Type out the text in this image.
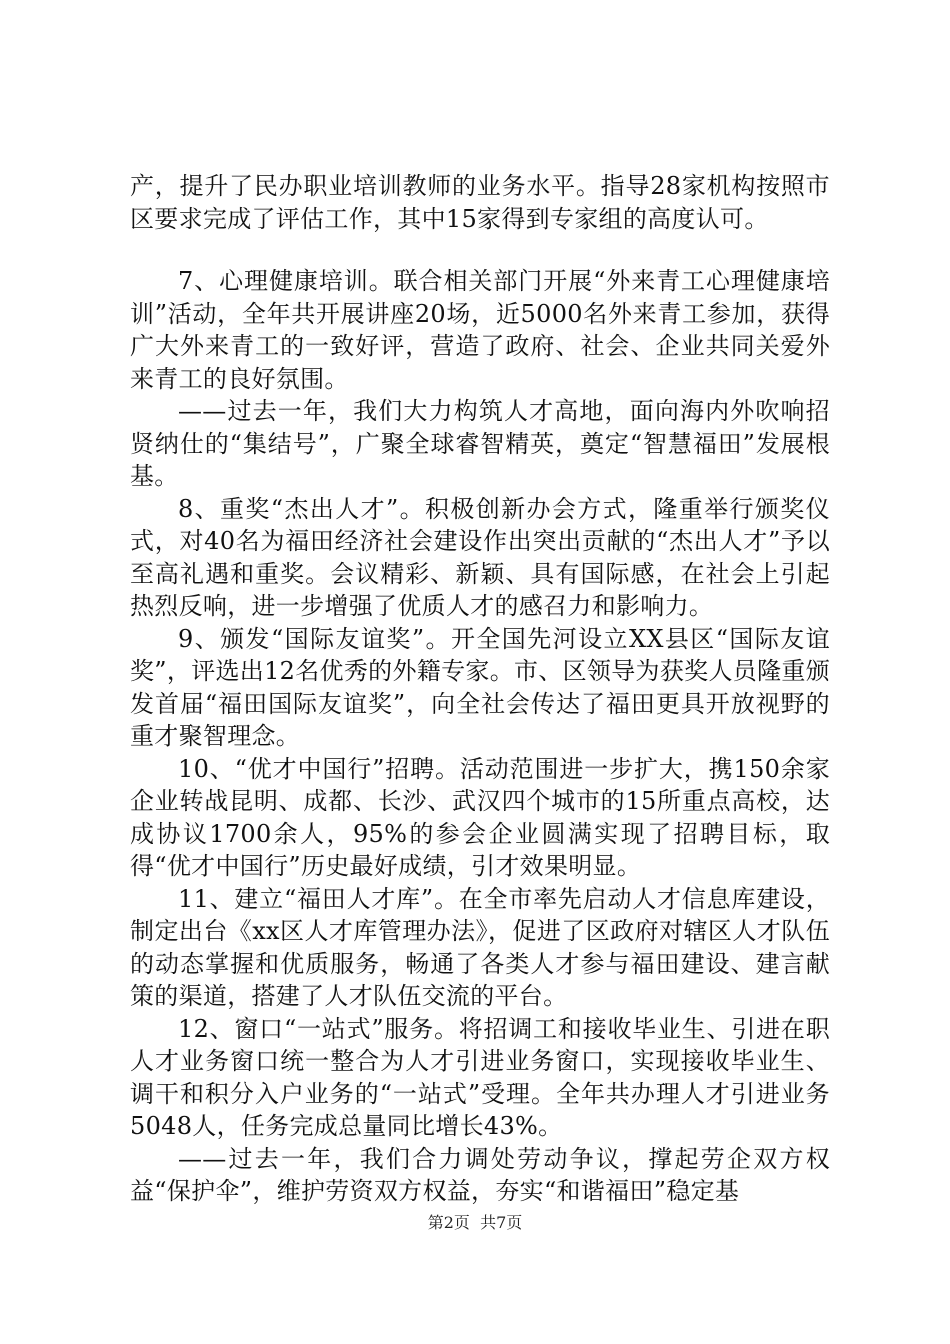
产，提升了民办职业培训教师的业务水平。指导28家机构按照市区要求完成了评估工作，其中15家得到专家组的高度认可。

7、心理健康培训。联合相关部门开展“外来青工心理健康培训”活动，全年共开展讲座20场，近5000名外来青工参加，获得广大外来青工的一致好评，营造了政府、社会、企业共同关爱外来青工的良好氛围。

——过去一年，我们大力构筑人才高地，面向海内外吹响招贤纳仕的“集结号”，广聚全球睿智精英，奠定“智慧福田”发展根基。

8、重奖“杰出人才”。积极创新办会方式，隆重举行颁奖仪式，对40名为福田经济社会建设作出突出贡献的“杰出人才”予以至高礼遇和重奖。会议精彩、新颖、具有国际感，在社会上引起热烈反响，进一步增强了优质人才的感召力和影响力。

9、颁发“国际友谊奖”。开全国先河设立XX县区“国际友谊奖”，评选出12名优秀的外籍专家。市、区领导为获奖人员隆重颁发首届“福田国际友谊奖”，向全社会传达了福田更具开放视野的重才聚智理念。

10、“优才中国行”招聘。活动范围进一步扩大，携150余家企业转战昆明、成都、长沙、武汉四个城市的15所重点高校，达成协议1700余人，95%的参会企业圆满实现了招聘目标，取得“优才中国行”历史最好成绩，引才效果明显。

11、建立“福田人才库”。在全市率先启动人才信息库建设，制定出台《xx区人才库管理办法》，促进了区政府对辖区人才队伍的动态掌握和优质服务，畅通了各类人才参与福田建设、建言献策的渠道，搭建了人才队伍交流的平台。

12、窗口“一站式”服务。将招调工和接收毕业生、引进在职人才业务窗口统一整合为人才引进业务窗口，实现接收毕业生、调干和积分入户业务的“一站式”受理。全年共办理人才引进业务5048人，任务完成总量同比增长43%。

——过去一年，我们合力调处劳动争议，撑起劳企双方权益“保护伞”，维护劳资双方权益，夯实“和谐福田”稳定基

第2页  共7页
